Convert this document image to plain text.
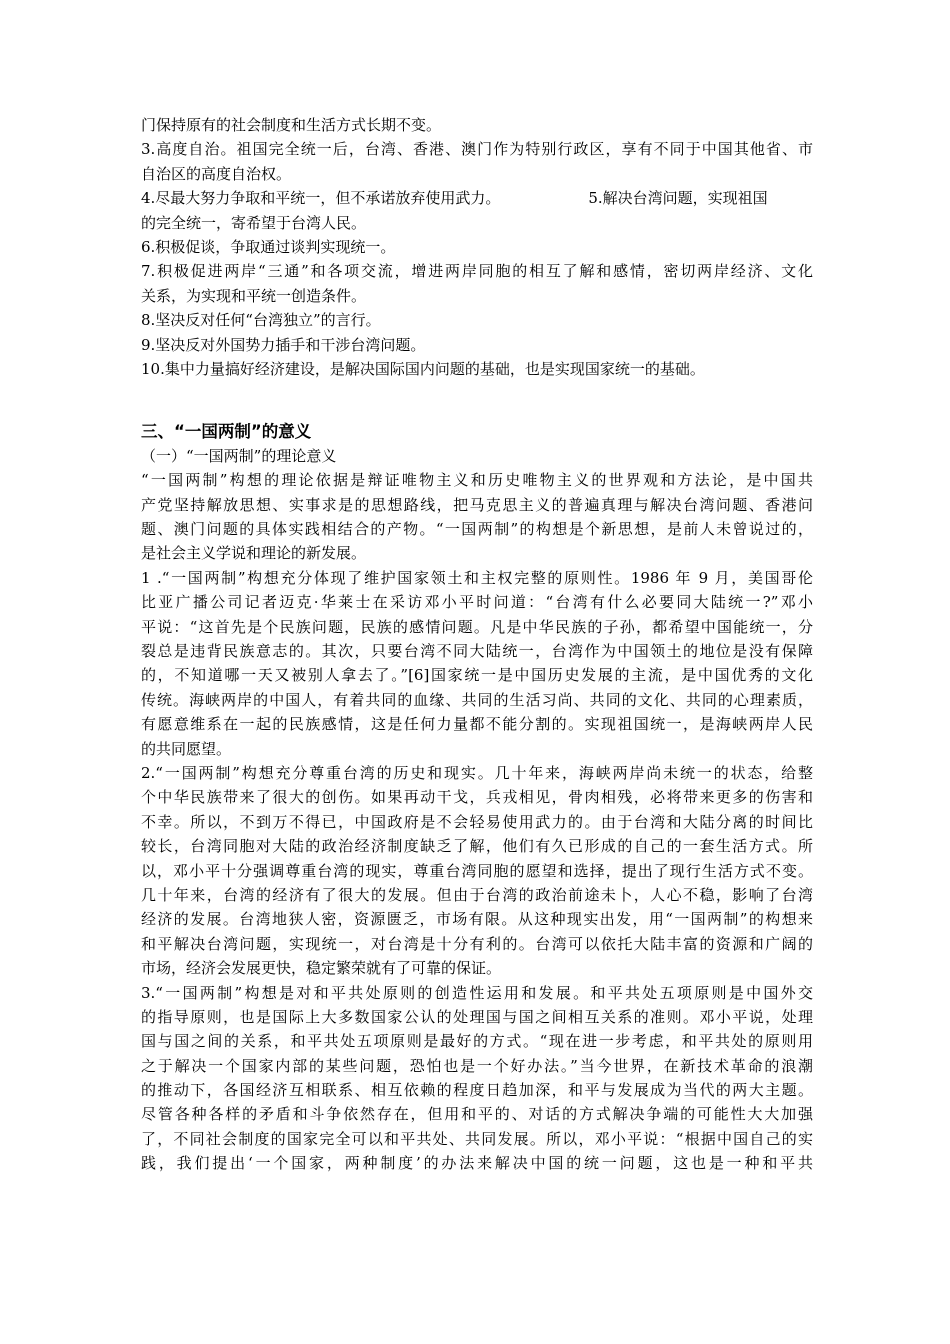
门保持原有的社会制度和生活方式长期不变。
3.高度自治。祖国完全统一后，台湾、香港、澳门作为特别行政区，享有不同于中国其他省、市
自治区的高度自治权。
4.尽最大努力争取和平统一，但不承诺放弃使用武力。	5.解决台湾问题，实现祖国
的完全统一，寄希望于台湾人民。
6.积极促谈，争取通过谈判实现统一。
7.积极促进两岸“三通”和各项交流，增进两岸同胞的相互了解和感情，密切两岸经济、文化
关系，为实现和平统一创造条件。
8.坚决反对任何“台湾独立”的言行。
9.坚决反对外国势力插手和干涉台湾问题。
10.集中力量搞好经济建设，是解决国际国内问题的基础，也是实现国家统一的基础。
三、“一国两制”的意义
（一）“一国两制”的理论意义
“一国两制”构想的理论依据是辩证唯物主义和历史唯物主义的世界观和方法论，是中国共
产党坚持解放思想、实事求是的思想路线，把马克思主义的普遍真理与解决台湾问题、香港问
题、澳门问题的具体实践相结合的产物。“一国两制”的构想是个新思想，是前人未曾说过的，
是社会主义学说和理论的新发展。
1 .“一国两制”构想充分体现了维护国家领土和主权完整的原则性。1986 年 9 月，美国哥伦
比亚广播公司记者迈克·华莱士在采访邓小平时问道：“台湾有什么必要同大陆统一?”邓小
平说：“这首先是个民族问题，民族的感情问题。凡是中华民族的子孙，都希望中国能统一，分
裂总是违背民族意志的。其次，只要台湾不同大陆统一，台湾作为中国领土的地位是没有保障
的，不知道哪一天又被别人拿去了。”[6]国家统一是中国历史发展的主流，是中国优秀的文化
传统。海峡两岸的中国人，有着共同的血缘、共同的生活习尚、共同的文化、共同的心理素质，
有愿意维系在一起的民族感情，这是任何力量都不能分割的。实现祖国统一，是海峡两岸人民
的共同愿望。
2.“一国两制”构想充分尊重台湾的历史和现实。几十年来，海峡两岸尚未统一的状态，给整
个中华民族带来了很大的创伤。如果再动干戈，兵戎相见，骨肉相残，必将带来更多的伤害和
不幸。所以，不到万不得已，中国政府是不会轻易使用武力的。由于台湾和大陆分离的时间比
较长，台湾同胞对大陆的政治经济制度缺乏了解，他们有久已形成的自己的一套生活方式。所
以，邓小平十分强调尊重台湾的现实，尊重台湾同胞的愿望和选择，提出了现行生活方式不变。
几十年来，台湾的经济有了很大的发展。但由于台湾的政治前途未卜，人心不稳，影响了台湾
经济的发展。台湾地狭人密，资源匮乏，市场有限。从这种现实出发，用“一国两制”的构想来
和平解决台湾问题，实现统一，对台湾是十分有利的。台湾可以依托大陆丰富的资源和广阔的
市场，经济会发展更快，稳定繁荣就有了可靠的保证。
3.“一国两制”构想是对和平共处原则的创造性运用和发展。和平共处五项原则是中国外交
的指导原则，也是国际上大多数国家公认的处理国与国之间相互关系的准则。邓小平说，处理
国与国之间的关系，和平共处五项原则是最好的方式。“现在进一步考虑，和平共处的原则用
之于解决一个国家内部的某些问题，恐怕也是一个好办法。”当今世界，在新技术革命的浪潮
的推动下，各国经济互相联系、相互依赖的程度日趋加深，和平与发展成为当代的两大主题。
尽管各种各样的矛盾和斗争依然存在，但用和平的、对话的方式解决争端的可能性大大加强
了，不同社会制度的国家完全可以和平共处、共同发展。所以，邓小平说：“根据中国自己的实
践，我们提出‘一个国家，两种制度’的办法来解决中国的统一问题，这也是一种和平共
